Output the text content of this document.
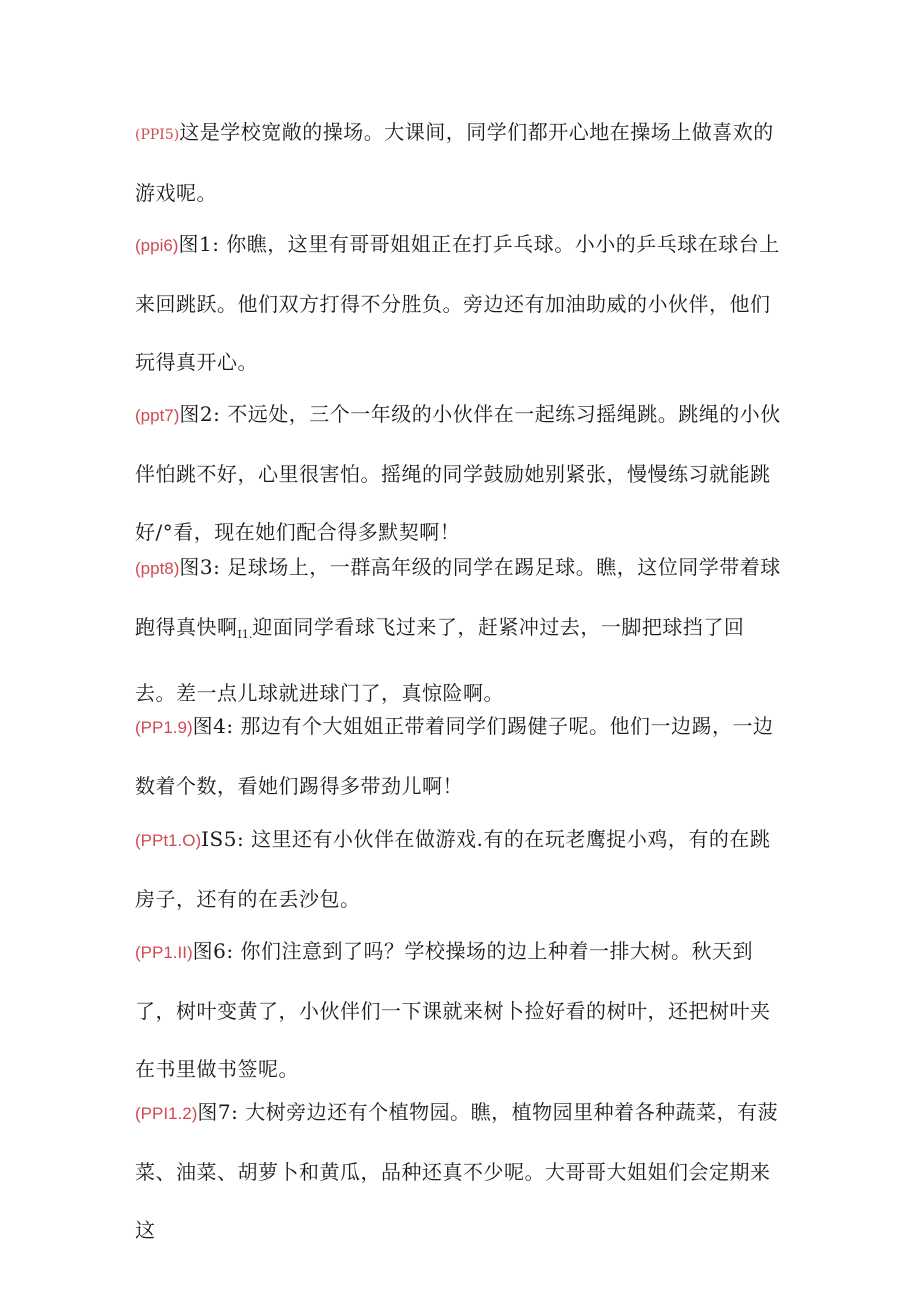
(PPI5)这是学校宽敞的操场。大课间，同学们都开心地在操场上做喜欢的游戏呢。

(ppi6)图1: 你瞧，这里有哥哥姐姐正在打乒乓球。小小的乒乓球在球台上来回跳跃。他们双方打得不分胜负。旁边还有加油助威的小伙伴，他们玩得真开心。

(ppt7)图2: 不远处，三个一年级的小伙伴在一起练习摇绳跳。跳绳的小伙伴怕跳不好，心里很害怕。摇绳的同学鼓励她别紧张，慢慢练习就能跳好/°看，现在她们配合得多默契啊！

(ppt8)图3: 足球场上，一群高年级的同学在踢足球。瞧，这位同学带着球跑得真快啊$_{I1.}$迎面同学看球飞过来了，赶紧冲过去，一脚把球挡了回去。差一点儿球就进球门了，真惊险啊。

(PP1.9)图4: 那边有个大姐姐正带着同学们踢健子呢。他们一边踢，一边数着个数，看她们踢得多带劲儿啊！

(PPt1.O)IS5: 这里还有小伙伴在做游戏.有的在玩老鹰捉小鸡，有的在跳房子，还有的在丢沙包。

(PP1.II)图6: 你们注意到了吗？学校操场的边上种着一排大树。秋天到了，树叶变黄了，小伙伴们一下课就来树卜捡好看的树叶，还把树叶夹在书里做书签呢。

(PPI1.2)图7: 大树旁边还有个植物园。瞧，植物园里种着各种蔬菜，有菠菜、油菜、胡萝卜和黄瓜，品种还真不少呢。大哥哥大姐姐们会定期来这
